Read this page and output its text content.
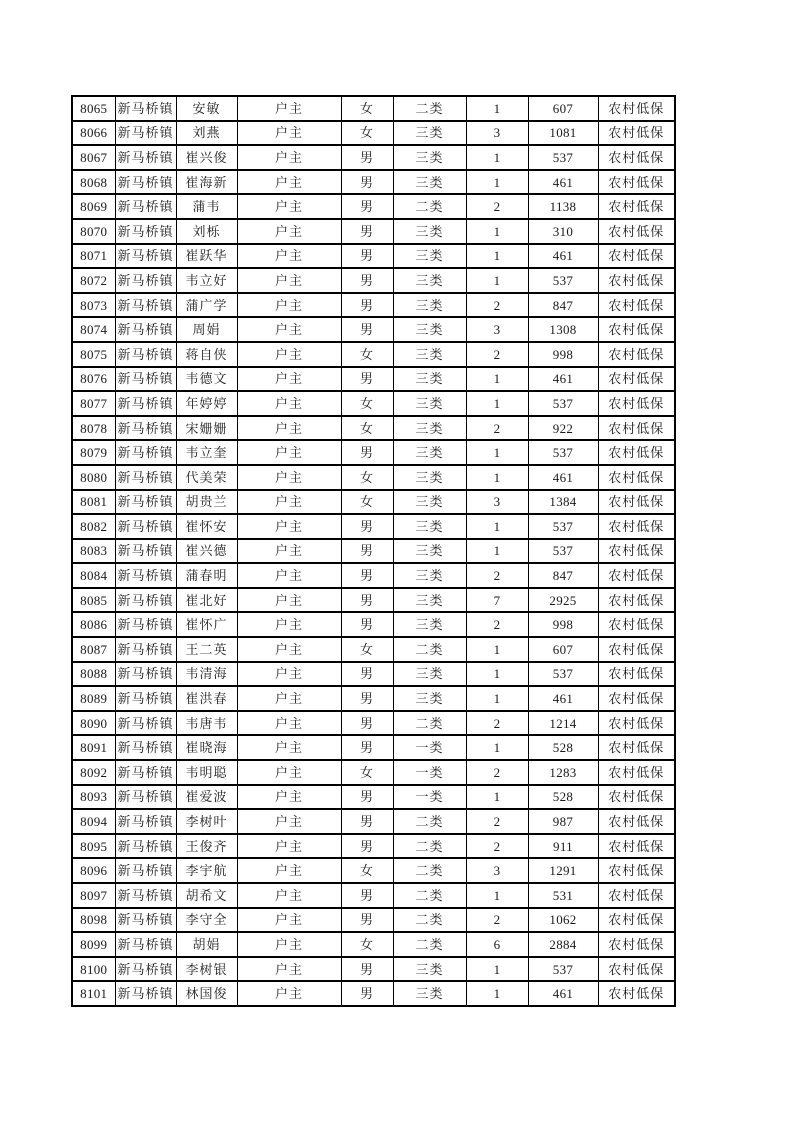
8065	新马桥镇	安敏	户主	女	二类	1	607	农村低保
8066	新马桥镇	刘燕	户主	女	三类	3	1081	农村低保
8067	新马桥镇	崔兴俊	户主	男	三类	1	537	农村低保
8068	新马桥镇	崔海新	户主	男	三类	1	461	农村低保
8069	新马桥镇	蒲韦	户主	男	二类	2	1138	农村低保
8070	新马桥镇	刘栎	户主	男	三类	1	310	农村低保
8071	新马桥镇	崔跃华	户主	男	三类	1	461	农村低保
8072	新马桥镇	韦立好	户主	男	三类	1	537	农村低保
8073	新马桥镇	蒲广学	户主	男	三类	2	847	农村低保
8074	新马桥镇	周娟	户主	男	三类	3	1308	农村低保
8075	新马桥镇	蒋自侠	户主	女	三类	2	998	农村低保
8076	新马桥镇	韦德文	户主	男	三类	1	461	农村低保
8077	新马桥镇	年婷婷	户主	女	三类	1	537	农村低保
8078	新马桥镇	宋姗姗	户主	女	三类	2	922	农村低保
8079	新马桥镇	韦立奎	户主	男	三类	1	537	农村低保
8080	新马桥镇	代美荣	户主	女	三类	1	461	农村低保
8081	新马桥镇	胡贵兰	户主	女	三类	3	1384	农村低保
8082	新马桥镇	崔怀安	户主	男	三类	1	537	农村低保
8083	新马桥镇	崔兴德	户主	男	三类	1	537	农村低保
8084	新马桥镇	蒲春明	户主	男	三类	2	847	农村低保
8085	新马桥镇	崔北好	户主	男	三类	7	2925	农村低保
8086	新马桥镇	崔怀广	户主	男	三类	2	998	农村低保
8087	新马桥镇	王二英	户主	女	二类	1	607	农村低保
8088	新马桥镇	韦清海	户主	男	三类	1	537	农村低保
8089	新马桥镇	崔洪春	户主	男	三类	1	461	农村低保
8090	新马桥镇	韦唐韦	户主	男	二类	2	1214	农村低保
8091	新马桥镇	崔晓海	户主	男	一类	1	528	农村低保
8092	新马桥镇	韦明聪	户主	女	一类	2	1283	农村低保
8093	新马桥镇	崔爱波	户主	男	一类	1	528	农村低保
8094	新马桥镇	李树叶	户主	男	二类	2	987	农村低保
8095	新马桥镇	王俊齐	户主	男	二类	2	911	农村低保
8096	新马桥镇	李宇航	户主	女	二类	3	1291	农村低保
8097	新马桥镇	胡希文	户主	男	二类	1	531	农村低保
8098	新马桥镇	李守全	户主	男	二类	2	1062	农村低保
8099	新马桥镇	胡娟	户主	女	二类	6	2884	农村低保
8100	新马桥镇	李树银	户主	男	三类	1	537	农村低保
8101	新马桥镇	林国俊	户主	男	三类	1	461	农村低保
